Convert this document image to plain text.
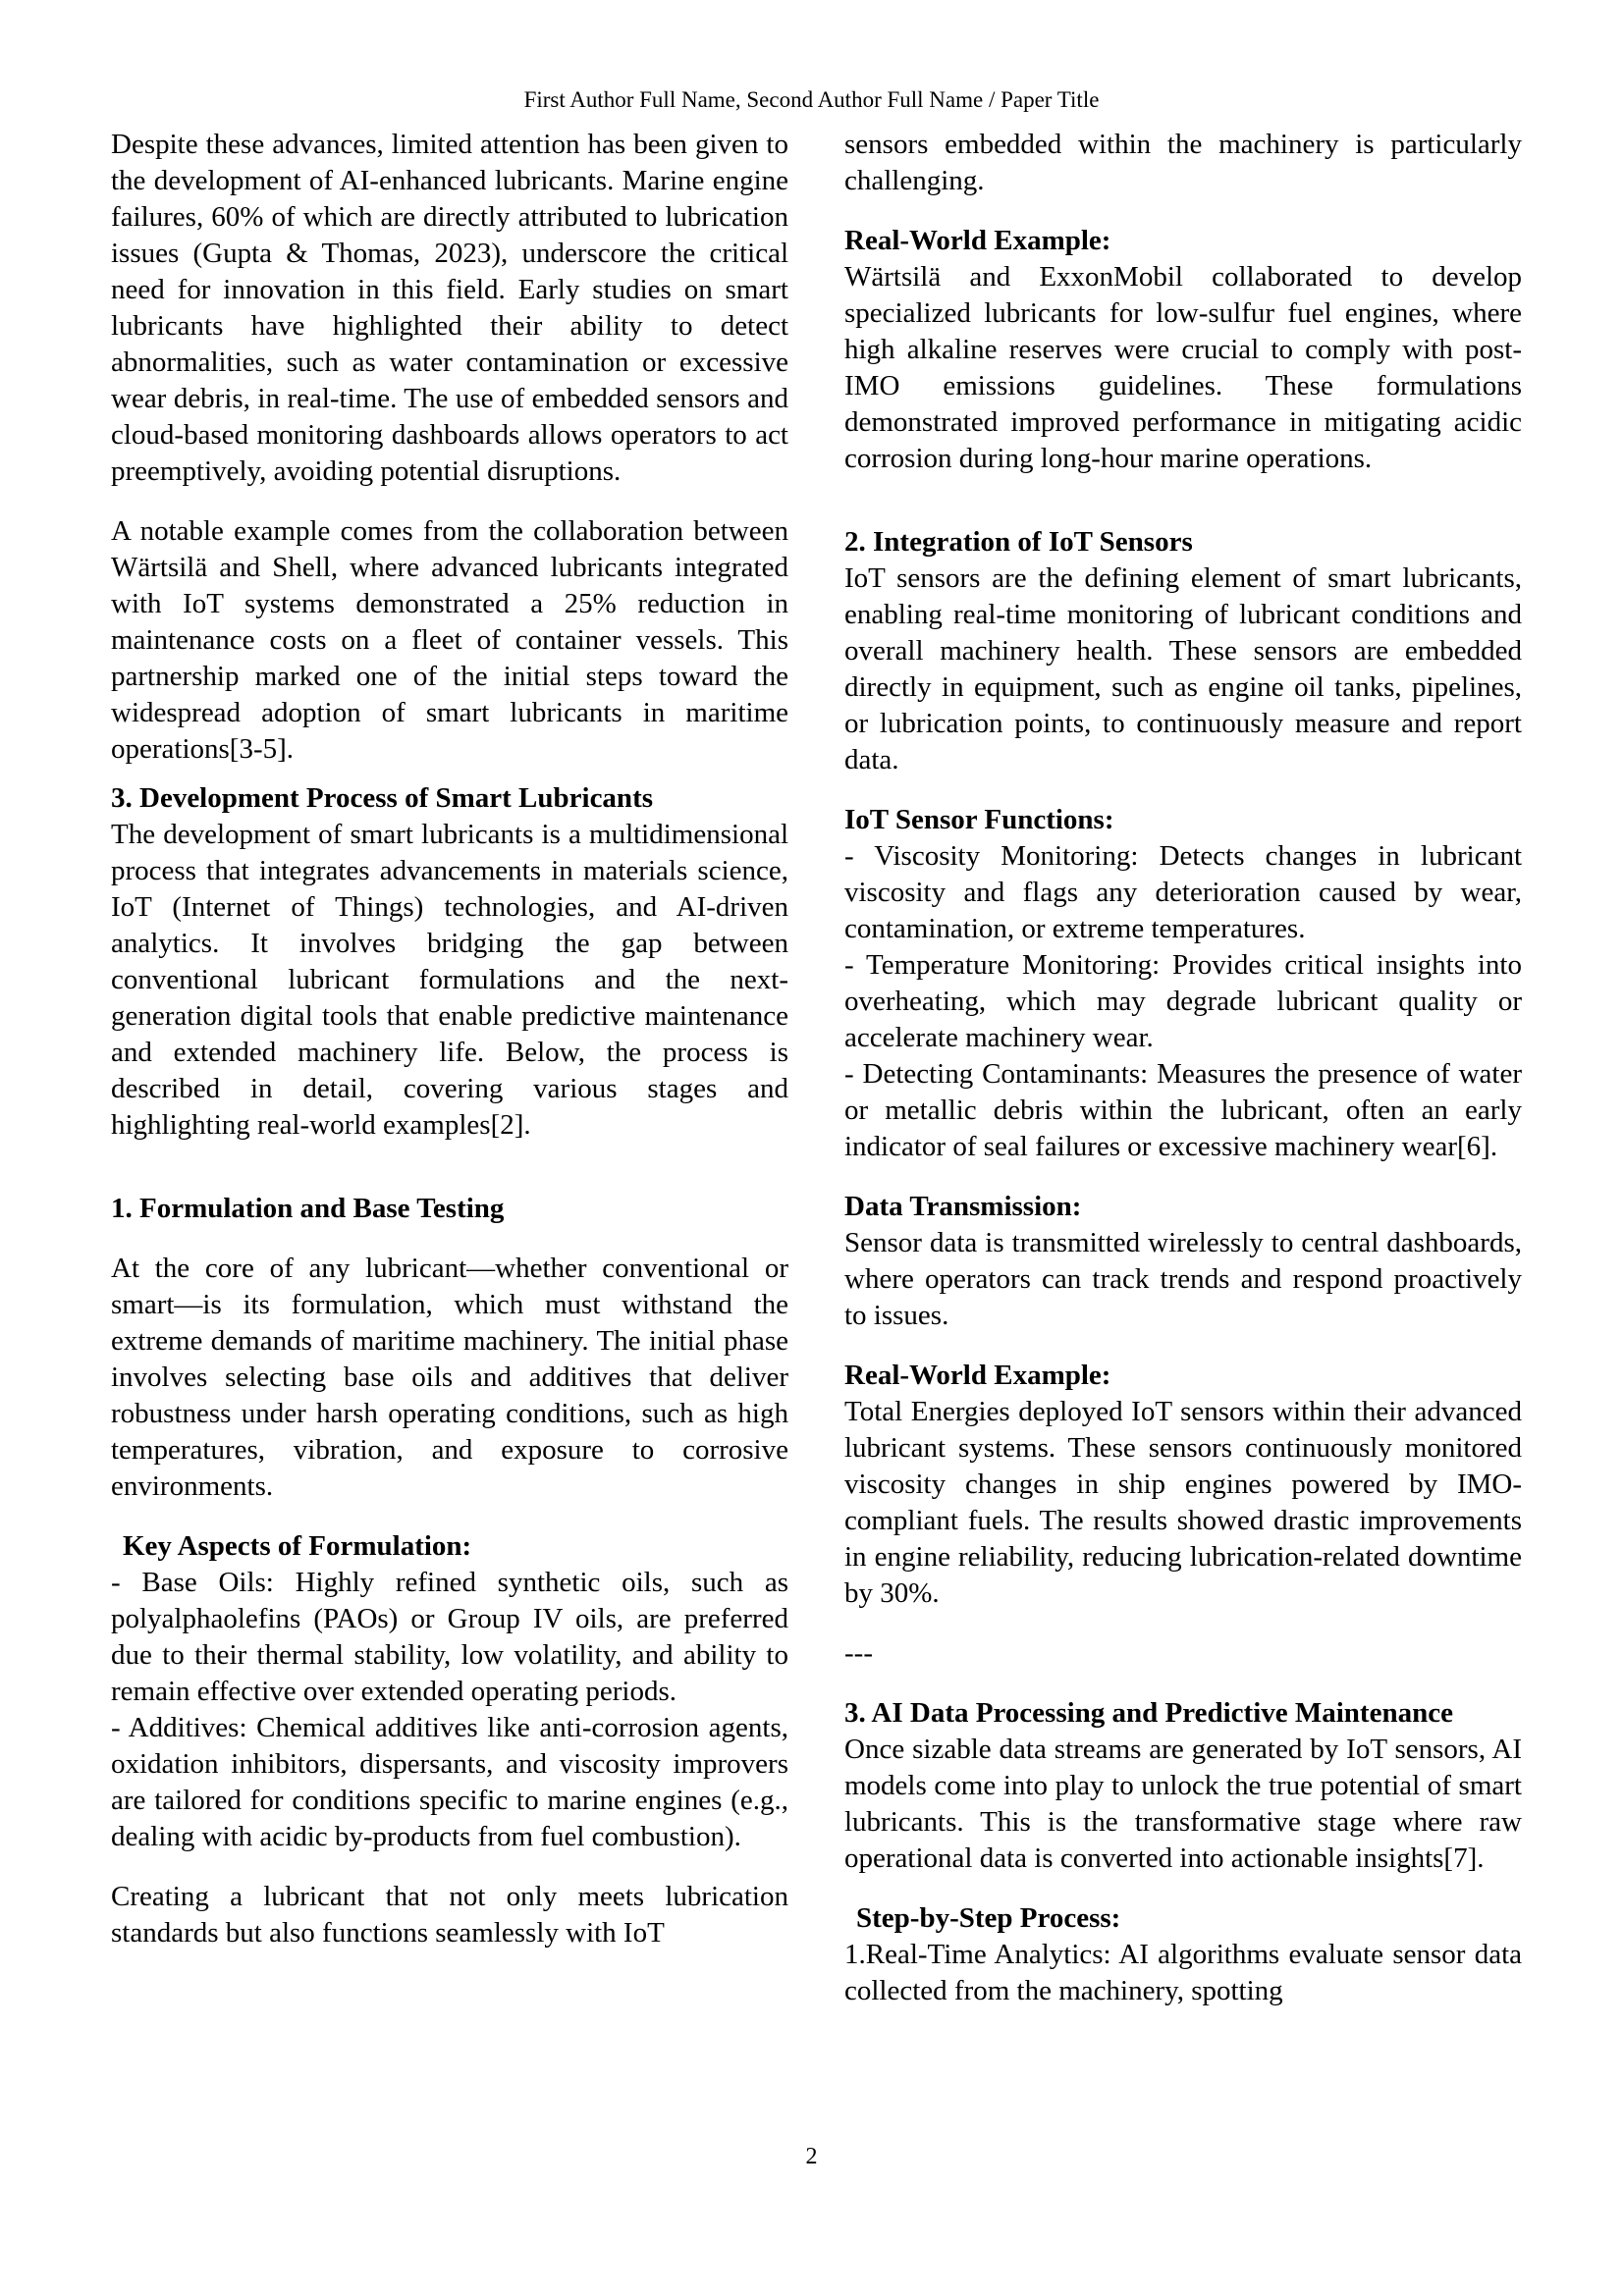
First Author Full Name, Second Author Full Name / Paper Title

Despite these advances, limited attention has been given to the development of AI-enhanced lubricants. Marine engine failures, 60% of which are directly attributed to lubrication issues (Gupta & Thomas, 2023), underscore the critical need for innovation in this field. Early studies on smart lubricants have highlighted their ability to detect abnormalities, such as water contamination or excessive wear debris, in real-time. The use of embedded sensors and cloud-based monitoring dashboards allows operators to act preemptively, avoiding potential disruptions.

A notable example comes from the collaboration between Wärtsilä and Shell, where advanced lubricants integrated with IoT systems demonstrated a 25% reduction in maintenance costs on a fleet of container vessels. This partnership marked one of the initial steps toward the widespread adoption of smart lubricants in maritime operations[3-5].

3. Development Process of Smart Lubricants

The development of smart lubricants is a multidimensional process that integrates advancements in materials science, IoT (Internet of Things) technologies, and AI-driven analytics. It involves bridging the gap between conventional lubricant formulations and the next-generation digital tools that enable predictive maintenance and extended machinery life. Below, the process is described in detail, covering various stages and highlighting real-world examples[2].

1. Formulation and Base Testing

At the core of any lubricant—whether conventional or smart—is its formulation, which must withstand the extreme demands of maritime machinery. The initial phase involves selecting base oils and additives that deliver robustness under harsh operating conditions, such as high temperatures, vibration, and exposure to corrosive environments.

Key Aspects of Formulation:

- Base Oils: Highly refined synthetic oils, such as polyalphaolefins (PAOs) or Group IV oils, are preferred due to their thermal stability, low volatility, and ability to remain effective over extended operating periods.

- Additives: Chemical additives like anti-corrosion agents, oxidation inhibitors, dispersants, and viscosity improvers are tailored for conditions specific to marine engines (e.g., dealing with acidic by-products from fuel combustion).

Creating a lubricant that not only meets lubrication standards but also functions seamlessly with IoT

sensors embedded within the machinery is particularly challenging.

Real-World Example:

Wärtsilä and ExxonMobil collaborated to develop specialized lubricants for low-sulfur fuel engines, where high alkaline reserves were crucial to comply with post-IMO emissions guidelines. These formulations demonstrated improved performance in mitigating acidic corrosion during long-hour marine operations.

2. Integration of IoT Sensors

IoT sensors are the defining element of smart lubricants, enabling real-time monitoring of lubricant conditions and overall machinery health. These sensors are embedded directly in equipment, such as engine oil tanks, pipelines, or lubrication points, to continuously measure and report data.

IoT Sensor Functions:

- Viscosity Monitoring: Detects changes in lubricant viscosity and flags any deterioration caused by wear, contamination, or extreme temperatures.

- Temperature Monitoring: Provides critical insights into overheating, which may degrade lubricant quality or accelerate machinery wear.

- Detecting Contaminants: Measures the presence of water or metallic debris within the lubricant, often an early indicator of seal failures or excessive machinery wear[6].

Data Transmission:

Sensor data is transmitted wirelessly to central dashboards, where operators can track trends and respond proactively to issues.

Real-World Example:

Total Energies deployed IoT sensors within their advanced lubricant systems. These sensors continuously monitored viscosity changes in ship engines powered by IMO-compliant fuels. The results showed drastic improvements in engine reliability, reducing lubrication-related downtime by 30%.

---

3. AI Data Processing and Predictive Maintenance

Once sizable data streams are generated by IoT sensors, AI models come into play to unlock the true potential of smart lubricants. This is the transformative stage where raw operational data is converted into actionable insights[7].

Step-by-Step Process:

1.Real-Time Analytics: AI algorithms evaluate sensor data collected from the machinery, spotting

2
